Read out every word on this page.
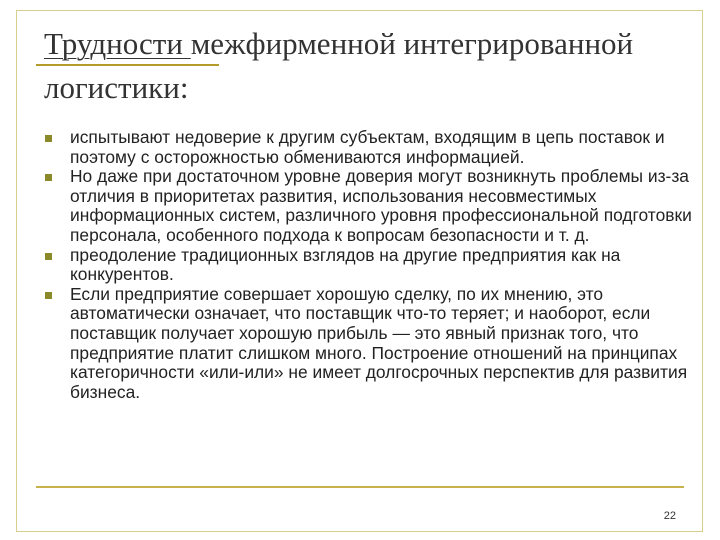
Трудности межфирменной интегрированной логистики:
испытывают недоверие к другим субъектам, входящим в цепь поставок и поэтому с осторожностью обмениваются информацией.
Но даже при достаточном уровне доверия могут возникнуть проблемы из-за отличия в приоритетах развития, использования несовместимых информационных систем, различного уровня профессиональной подготовки персонала, особенного подхода к вопросам безопасности и т. д.
преодоление традиционных взглядов на другие предприятия как на конкурентов.
Если предприятие совершает хорошую сделку, по их мнению, это автоматически означает, что поставщик что-то теряет; и наоборот, если поставщик получает хорошую прибыль — это явный признак того, что предприятие платит слишком много. Построение отношений на принципах категоричности «или-или» не имеет долгосрочных перспектив для развития бизнеса.
22
